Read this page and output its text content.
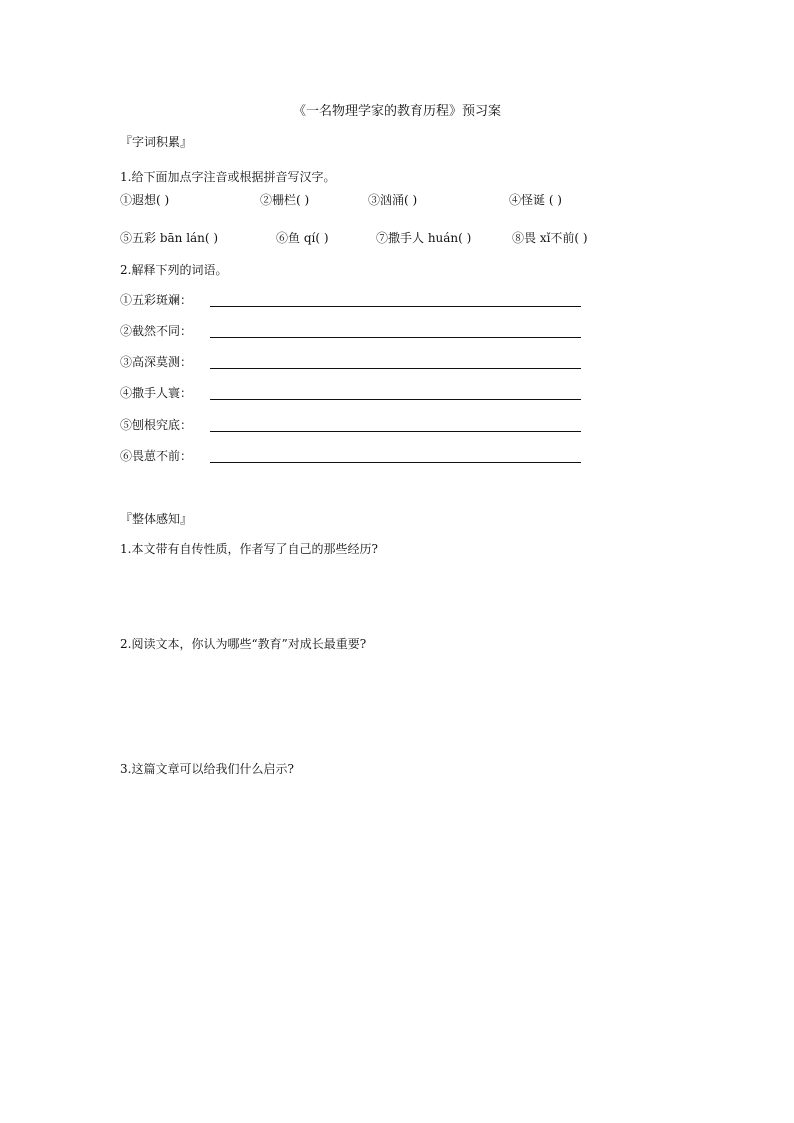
《一名物理学家的教育历程》预习案
『字词积累』
1.给下面加点字注音或根据拼音写汉字。
①遐想( )	②栅栏( )	③汹涌( )	④怪诞 ( )
⑤五彩 bān lán( )	⑥鱼 qí( )	⑦撒手人 huán( )	⑧畏 xǐ不前( )
2.解释下列的词语。
①五彩斑斓：
②截然不同：
③高深莫测：
④撒手人寰：
⑤刨根究底：
⑥畏葸不前：
『整体感知』
1.本文带有自传性质，作者写了自己的那些经历?
2.阅读文本，你认为哪些“教育”对成长最重要?
3.这篇文章可以给我们什么启示?
